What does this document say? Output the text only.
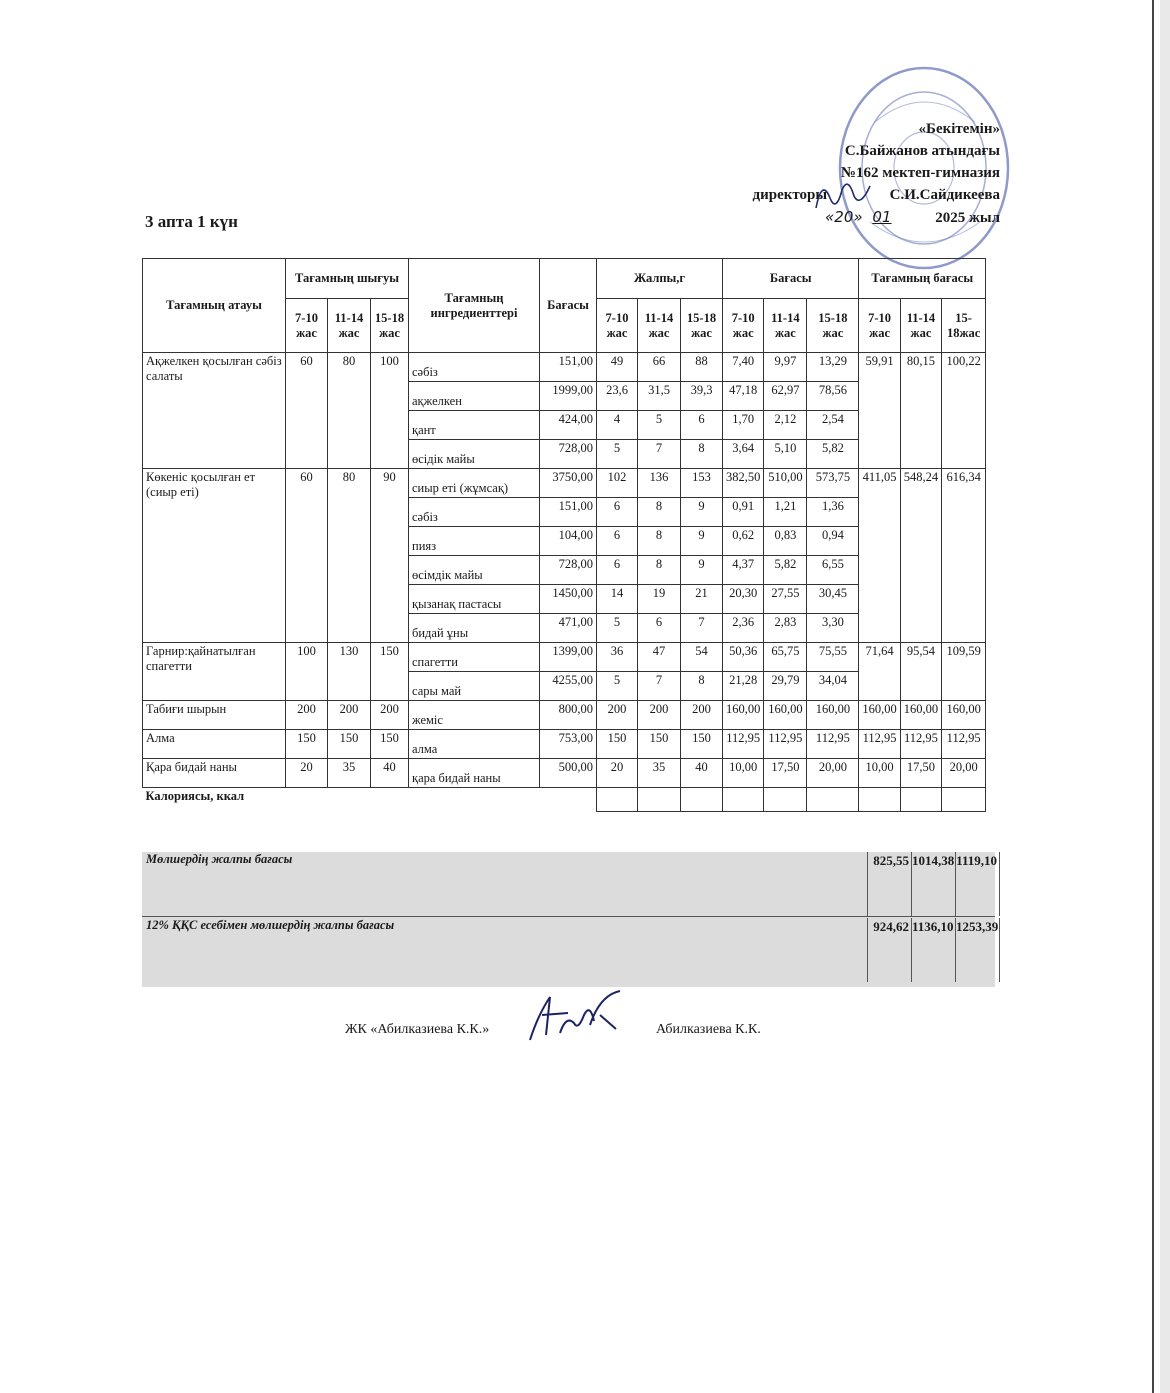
«Бекітемін»
С.Байжанов атындағы
№162 мектеп-гимназия
директоры	С.И.Сайдикеева
«20» 01	2025 жыл
3 апта 1 күн
Тағамның атауы	Тағамның шығуы			Тағамның ингредиенттері	Бағасы	Жалпы,г			Бағасы			Тағамның бағасы		
	7-10 жас	11-14 жас	15-18 жас			7-10 жас	11-14 жас	15-18 жас	7-10 жас	11-14 жас	15-18 жас	7-10 жас	11-14 жас	15-18жас
Ақжелкен қосылған сәбіз салаты	60	80	100	сәбіз	151,00	49	66	88	7,40	9,97	13,29	59,91	80,15	100,22
				ақжелкен	1999,00	23,6	31,5	39,3	47,18	62,97	78,56			
				қант	424,00	4	5	6	1,70	2,12	2,54			
				өсідік майы	728,00	5	7	8	3,64	5,10	5,82			
Көкеніс қосылған ет (сиыр еті)	60	80	90	сиыр еті (жұмсақ)	3750,00	102	136	153	382,50	510,00	573,75	411,05	548,24	616,34
				сәбіз	151,00	6	8	9	0,91	1,21	1,36			
				пияз	104,00	6	8	9	0,62	0,83	0,94			
				өсімдік майы	728,00	6	8	9	4,37	5,82	6,55			
				қызанақ пастасы	1450,00	14	19	21	20,30	27,55	30,45			
				бидай ұны	471,00	5	6	7	2,36	2,83	3,30			
Гарнир:қайнатылған спагетти	100	130	150	спагетти	1399,00	36	47	54	50,36	65,75	75,55	71,64	95,54	109,59
				сары май	4255,00	5	7	8	21,28	29,79	34,04			
Табиғи шырын	200	200	200	жеміс	800,00	200	200	200	160,00	160,00	160,00	160,00	160,00	160,00
Алма	150	150	150	алма	753,00	150	150	150	112,95	112,95	112,95	112,95	112,95	112,95
Қара бидай наны	20	35	40	қара бидай наны	500,00	20	35	40	10,00	17,50	20,00	10,00	17,50	20,00
Калориясы, ккал														
Мөлшердің жалпы бағасы	825,55 1014,38 1119,10
12% ҚҚС есебімен мөлшердің жалпы бағасы	924,62 1136,10 1253,39
ЖК «Абилказиева К.К.»	Абилказиева К.К.
